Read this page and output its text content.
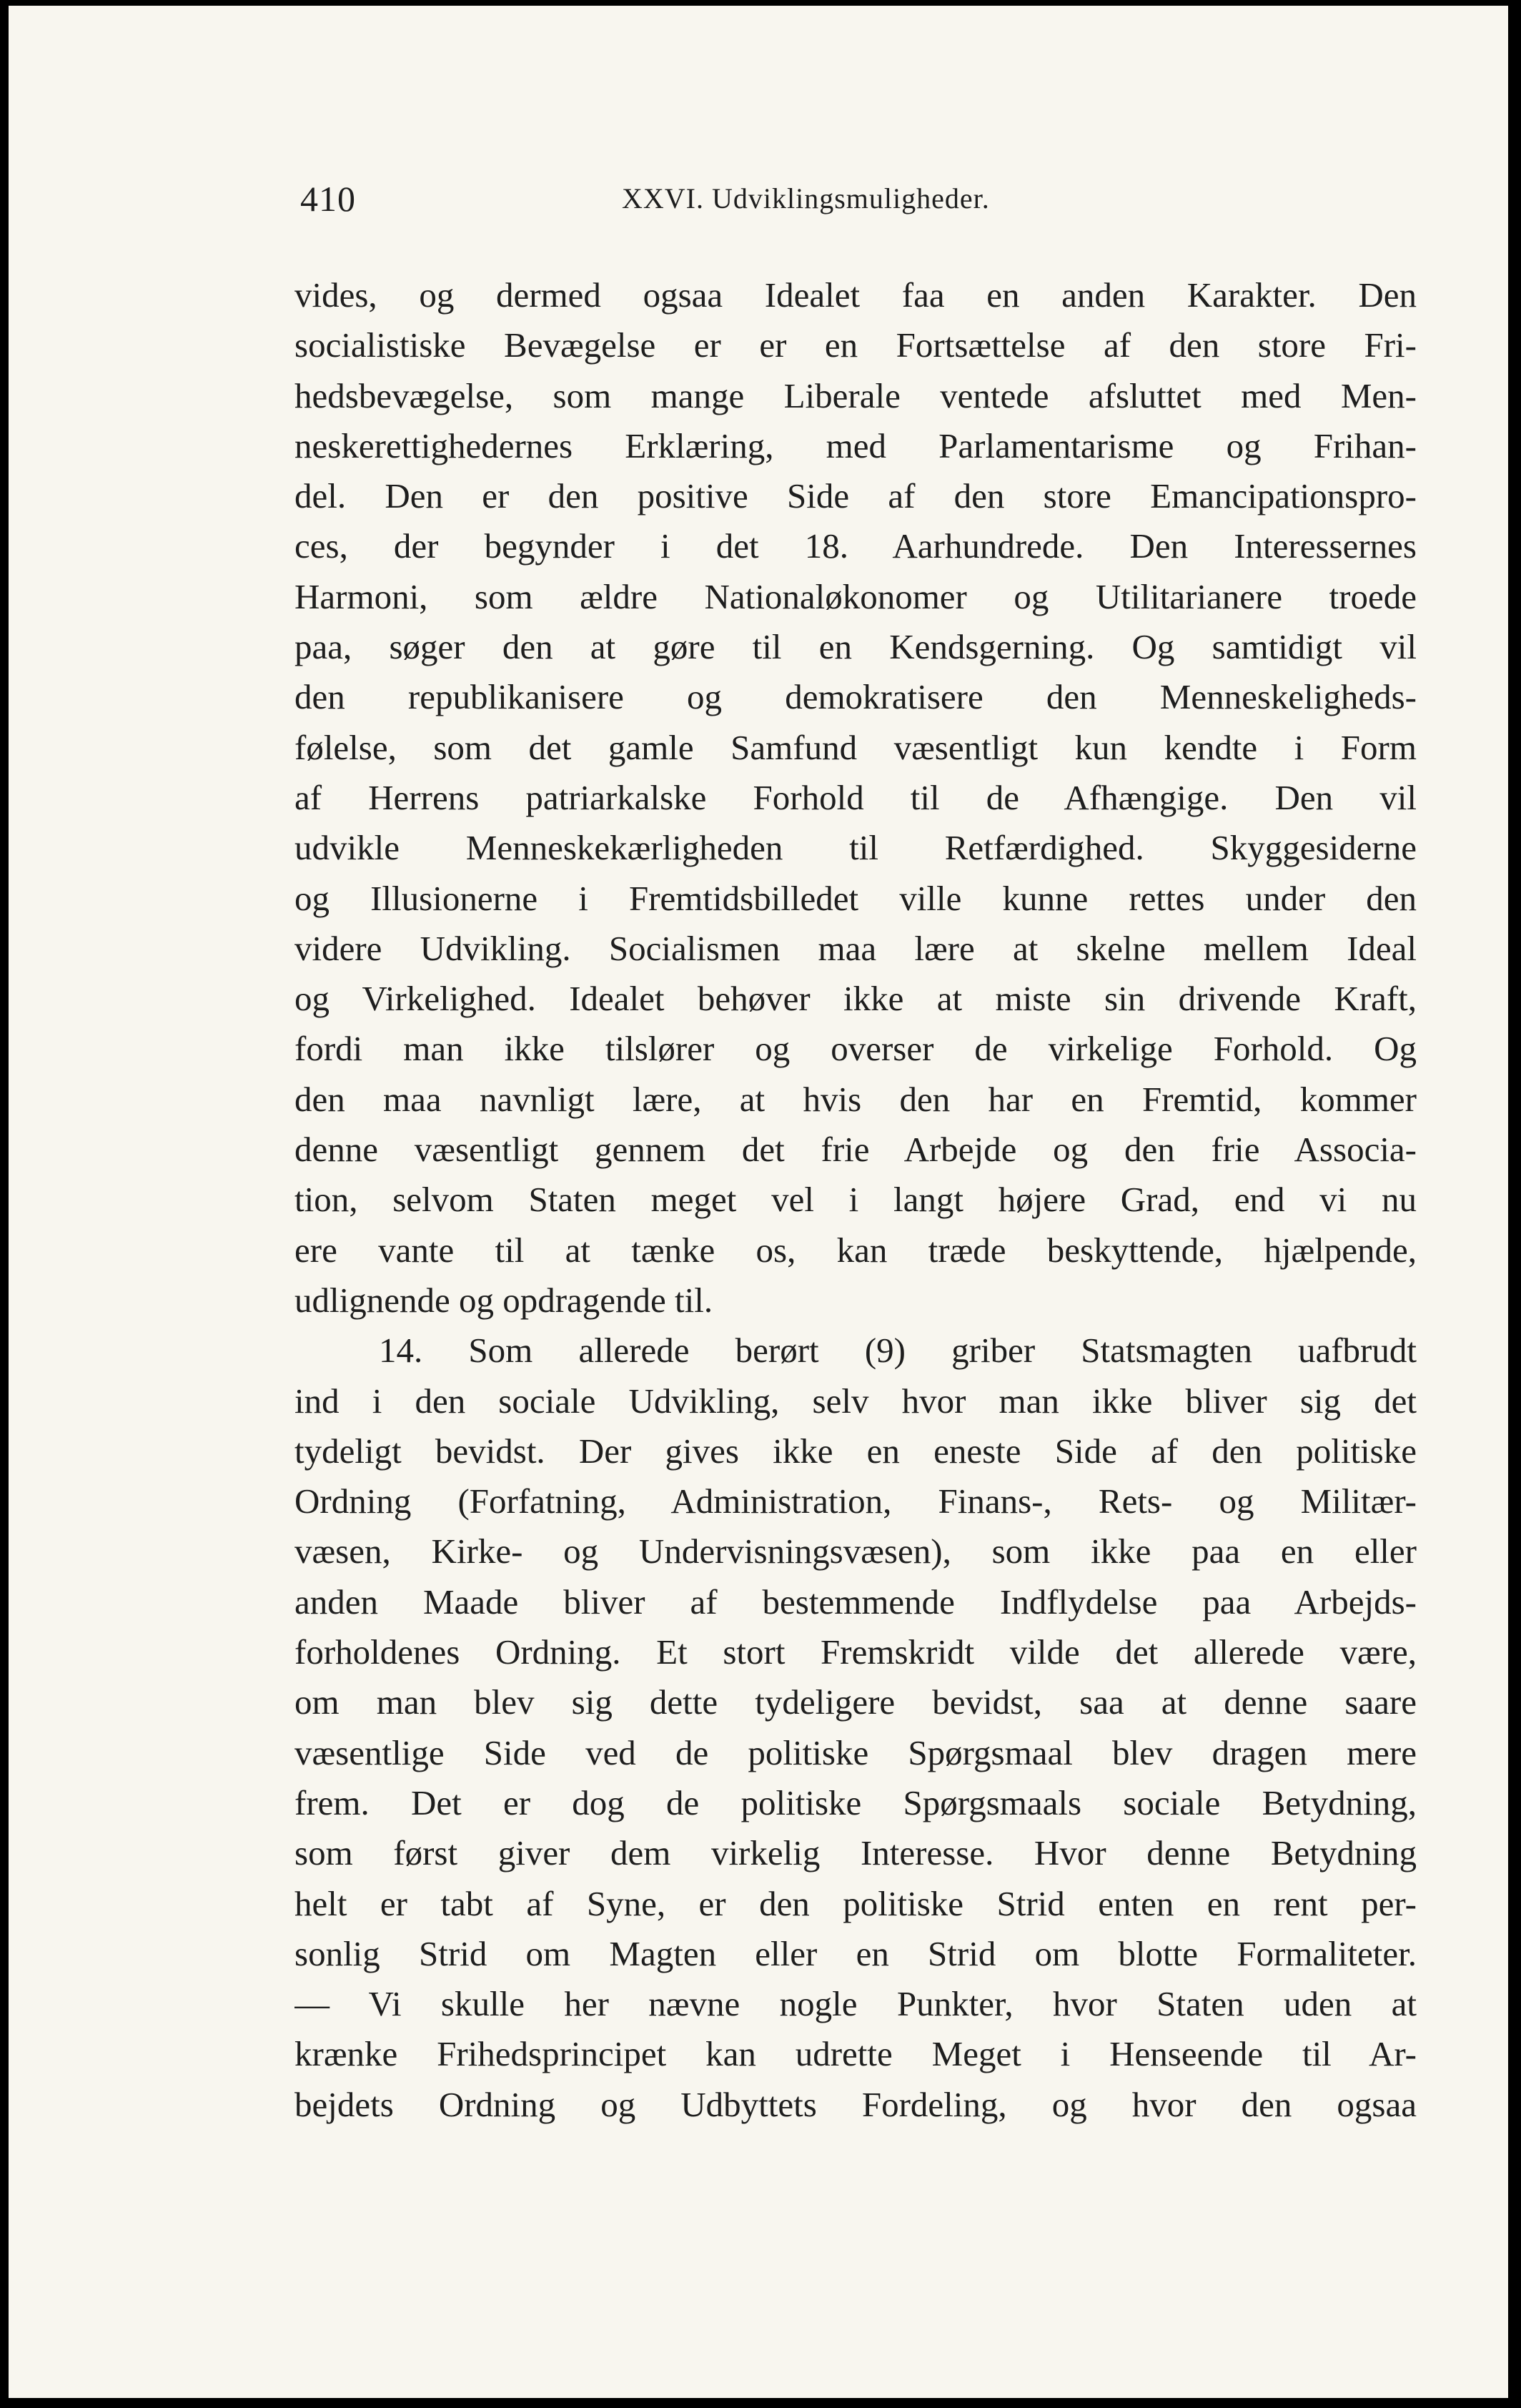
410	XXVI. Udviklingsmuligheder.
vides, og dermed ogsaa Idealet faa en anden Karakter. Den
socialistiske Bevægelse er er en Fortsættelse af den store Fri-
hedsbevægelse, som mange Liberale ventede afsluttet med Men-
neskerettighedernes Erklæring, med Parlamentarisme og Frihan-
del. Den er den positive Side af den store Emancipationspro-
ces, der begynder i det 18. Aarhundrede. Den Interessernes
Harmoni, som ældre Nationaløkonomer og Utilitarianere troede
paa, søger den at gøre til en Kendsgerning. Og samtidigt vil
den republikanisere og demokratisere den Menneskeligheds-
følelse, som det gamle Samfund væsentligt kun kendte i Form
af Herrens patriarkalske Forhold til de Afhængige. Den vil
udvikle Menneskekærligheden til Retfærdighed. Skyggesiderne
og Illusionerne i Fremtidsbilledet ville kunne rettes under den
videre Udvikling. Socialismen maa lære at skelne mellem Ideal
og Virkelighed. Idealet behøver ikke at miste sin drivende Kraft,
fordi man ikke tilslører og overser de virkelige Forhold. Og
den maa navnligt lære, at hvis den har en Fremtid, kommer
denne væsentligt gennem det frie Arbejde og den frie Associa-
tion, selvom Staten meget vel i langt højere Grad, end vi nu
ere vante til at tænke os, kan træde beskyttende, hjælpende,
udlignende og opdragende til.
14. Som allerede berørt (9) griber Statsmagten uafbrudt
ind i den sociale Udvikling, selv hvor man ikke bliver sig det
tydeligt bevidst. Der gives ikke en eneste Side af den politiske
Ordning (Forfatning, Administration, Finans-, Rets- og Militær-
væsen, Kirke- og Undervisningsvæsen), som ikke paa en eller
anden Maade bliver af bestemmende Indflydelse paa Arbejds-
forholdenes Ordning. Et stort Fremskridt vilde det allerede være,
om man blev sig dette tydeligere bevidst, saa at denne saare
væsentlige Side ved de politiske Spørgsmaal blev dragen mere
frem. Det er dog de politiske Spørgsmaals sociale Betydning,
som først giver dem virkelig Interesse. Hvor denne Betydning
helt er tabt af Syne, er den politiske Strid enten en rent per-
sonlig Strid om Magten eller en Strid om blotte Formaliteter.
— Vi skulle her nævne nogle Punkter, hvor Staten uden at
krænke Frihedsprincipet kan udrette Meget i Henseende til Ar-
bejdets Ordning og Udbyttets Fordeling, og hvor den ogsaa
